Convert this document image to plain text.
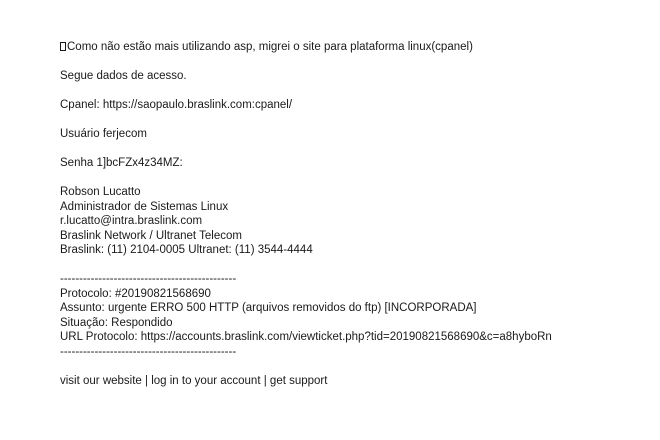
Como não estão mais utilizando asp, migrei o site para plataforma linux(cpanel)
Segue dados de acesso.
Cpanel: https://saopaulo.braslink.com:cpanel/
Usuário ferjecom
Senha 1]bcFZx4z34MZ:
Robson Lucatto
Administrador de Sistemas Linux
r.lucatto@intra.braslink.com
Braslink Network / Ultranet Telecom
Braslink: (11) 2104-0005 Ultranet: (11) 3544-4444
----------------------------------------------
Protocolo: #20190821568690
Assunto: urgente ERRO 500 HTTP (arquivos removidos do ftp) [INCORPORADA]
Situação: Respondido
URL Protocolo: https://accounts.braslink.com/viewticket.php?tid=20190821568690&c=a8hyboRn
----------------------------------------------
visit our website | log in to your account | get support
